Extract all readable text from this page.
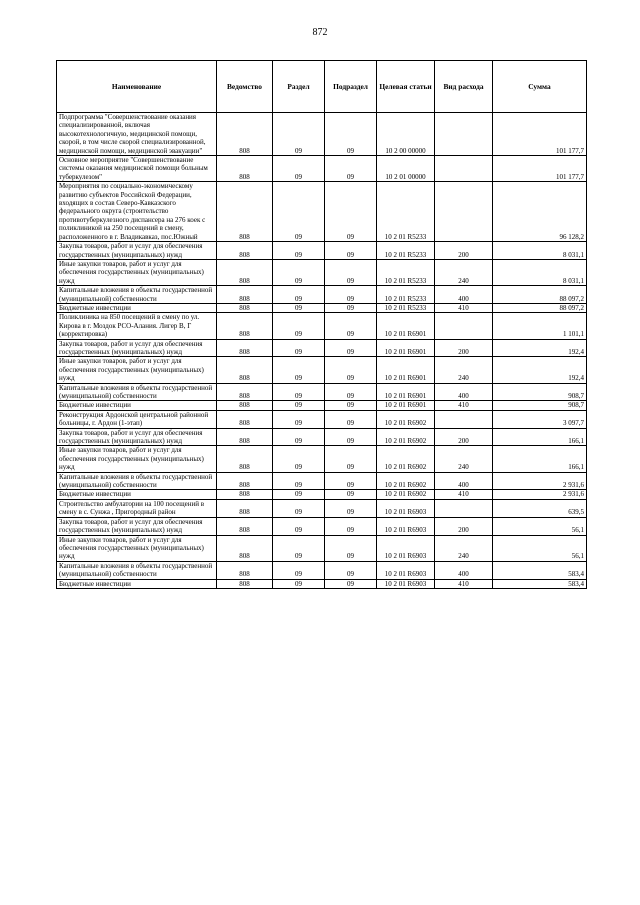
872
Наименование	Ведомство	Раздел	Подраздел	Целевая статьи	Вид расхода	Сумма
Подпрограмма "Совершенствование оказания специализированной, включая высокотехнологичную, медицинской помощи, скорой, в том числе скорой специализированной, медицинской помощи, медицинской эвакуации"	808	09	09	10 2 00 00000		101 177,7
Основное мероприятие "Совершенствование системы оказания медицинской помощи больным туберкулезом"	808	09	09	10 2 01 00000		101 177,7
Мероприятия по социально-экономическому развитию субъектов Российской Федерации, входящих в состав Северо-Кавказского федерального округа (строительство противотуберкулезного диспансера на 276 коек с поликлиникой на 250 посещений в смену, расположенного в г. Владикавказ, пос.Южный	808	09	09	10 2 01 R5233		96 128,2
Закупка товаров, работ и услуг для обеспечения государственных (муниципальных) нужд	808	09	09	10 2 01 R5233	200	8 031,1
Иные закупки товаров, работ и услуг для обеспечения государственных (муниципальных) нужд	808	09	09	10 2 01 R5233	240	8 031,1
Капитальные вложения в объекты государственной (муниципальной) собственности	808	09	09	10 2 01 R5233	400	88 097,2
Бюджетные инвестиции	808	09	09	10 2 01 R5233	410	88 097,2
Поликлиника на 850 посещений в смену по ул. Кирова в г. Моздок РСО-Алания. Лигер В, Г (корректировка)	808	09	09	10 2 01 R6901		1 101,1
Закупка товаров, работ и услуг для обеспечения государственных (муниципальных) нужд	808	09	09	10 2 01 R6901	200	192,4
Иные закупки товаров, работ и услуг для обеспечения государственных (муниципальных) нужд	808	09	09	10 2 01 R6901	240	192,4
Капитальные вложения в объекты государственной (муниципальной) собственности	808	09	09	10 2 01 R6901	400	908,7
Бюджетные инвестиции	808	09	09	10 2 01 R6901	410	908,7
Реконструкция Ардонской центральной районной больницы, г. Ардон (1-этап)	808	09	09	10 2 01 R6902		3 097,7
Закупка товаров, работ и услуг для обеспечения государственных (муниципальных) нужд	808	09	09	10 2 01 R6902	200	166,1
Иные закупки товаров, работ и услуг для обеспечения государственных (муниципальных) нужд	808	09	09	10 2 01 R6902	240	166,1
Капитальные вложения в объекты государственной (муниципальной) собственности	808	09	09	10 2 01 R6902	400	2 931,6
Бюджетные инвестиции	808	09	09	10 2 01 R6902	410	2 931,6
Строительство амбулатории на 100 посещений в смену в с. Сунжа , Пригородный район	808	09	09	10 2 01 R6903		639,5
Закупка товаров, работ и услуг для обеспечения государственных (муниципальных) нужд	808	09	09	10 2 01 R6903	200	56,1
Иные закупки товаров, работ и услуг для обеспечения государственных (муниципальных) нужд	808	09	09	10 2 01 R6903	240	56,1
Капитальные вложения в объекты государственной (муниципальной) собственности	808	09	09	10 2 01 R6903	400	583,4
Бюджетные инвестиции	808	09	09	10 2 01 R6903	410	583,4
